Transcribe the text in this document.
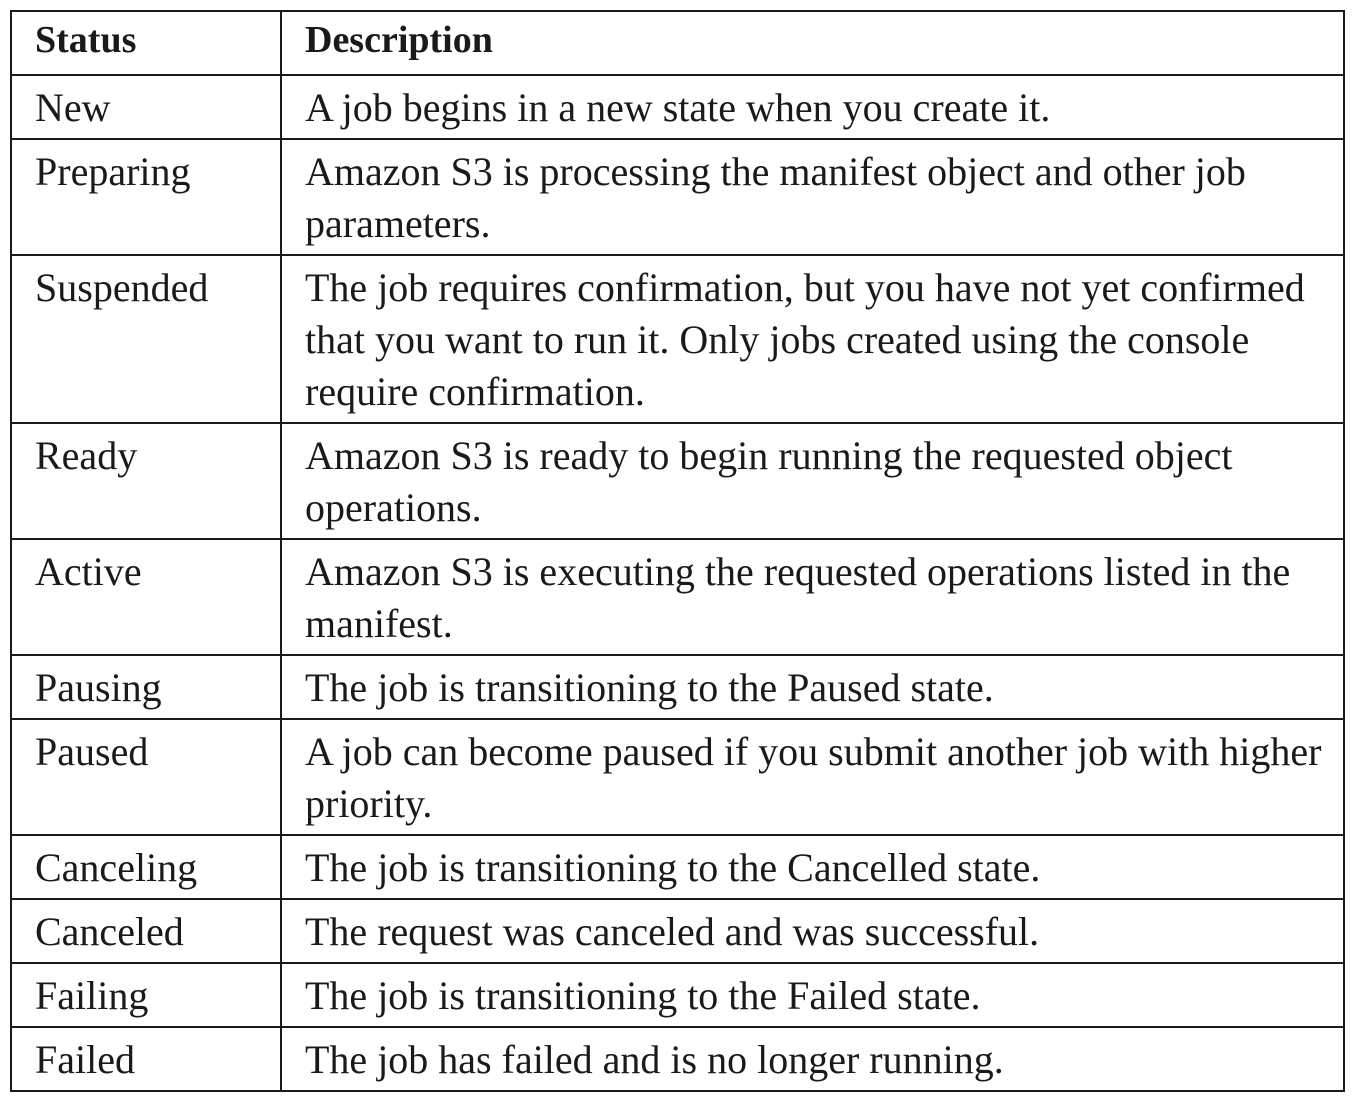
Status	Description
New	A job begins in a new state when you create it.
Preparing	Amazon S3 is processing the manifest object and other job parameters.
Suspended	The job requires confirmation, but you have not yet confirmed that you want to run it. Only jobs created using the console require confirmation.
Ready	Amazon S3 is ready to begin running the requested object operations.
Active	Amazon S3 is executing the requested operations listed in the manifest.
Pausing	The job is transitioning to the Paused state.
Paused	A job can become paused if you submit another job with higher priority.
Canceling	The job is transitioning to the Cancelled state.
Canceled	The request was canceled and was successful.
Failing	The job is transitioning to the Failed state.
Failed	The job has failed and is no longer running.
